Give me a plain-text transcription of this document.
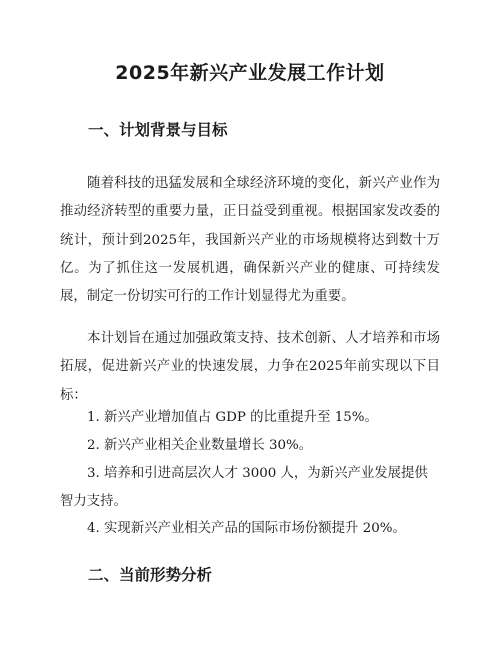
2025年新兴产业发展工作计划
一、计划背景与目标

随着科技的迅猛发展和全球经济环境的变化，新兴产业作为推动经济转型的重要力量，正日益受到重视。根据国家发改委的统计，预计到2025年，我国新兴产业的市场规模将达到数十万亿。为了抓住这一发展机遇，确保新兴产业的健康、可持续发展，制定一份切实可行的工作计划显得尤为重要。

本计划旨在通过加强政策支持、技术创新、人才培养和市场拓展，促进新兴产业的快速发展，力争在2025年前实现以下目标：

1. 新兴产业增加值占 GDP 的比重提升至 15%。

2. 新兴产业相关企业数量增长 30%。

3. 培养和引进高层次人才 3000 人，为新兴产业发展提供智力支持。

4. 实现新兴产业相关产品的国际市场份额提升 20%。

二、当前形势分析
